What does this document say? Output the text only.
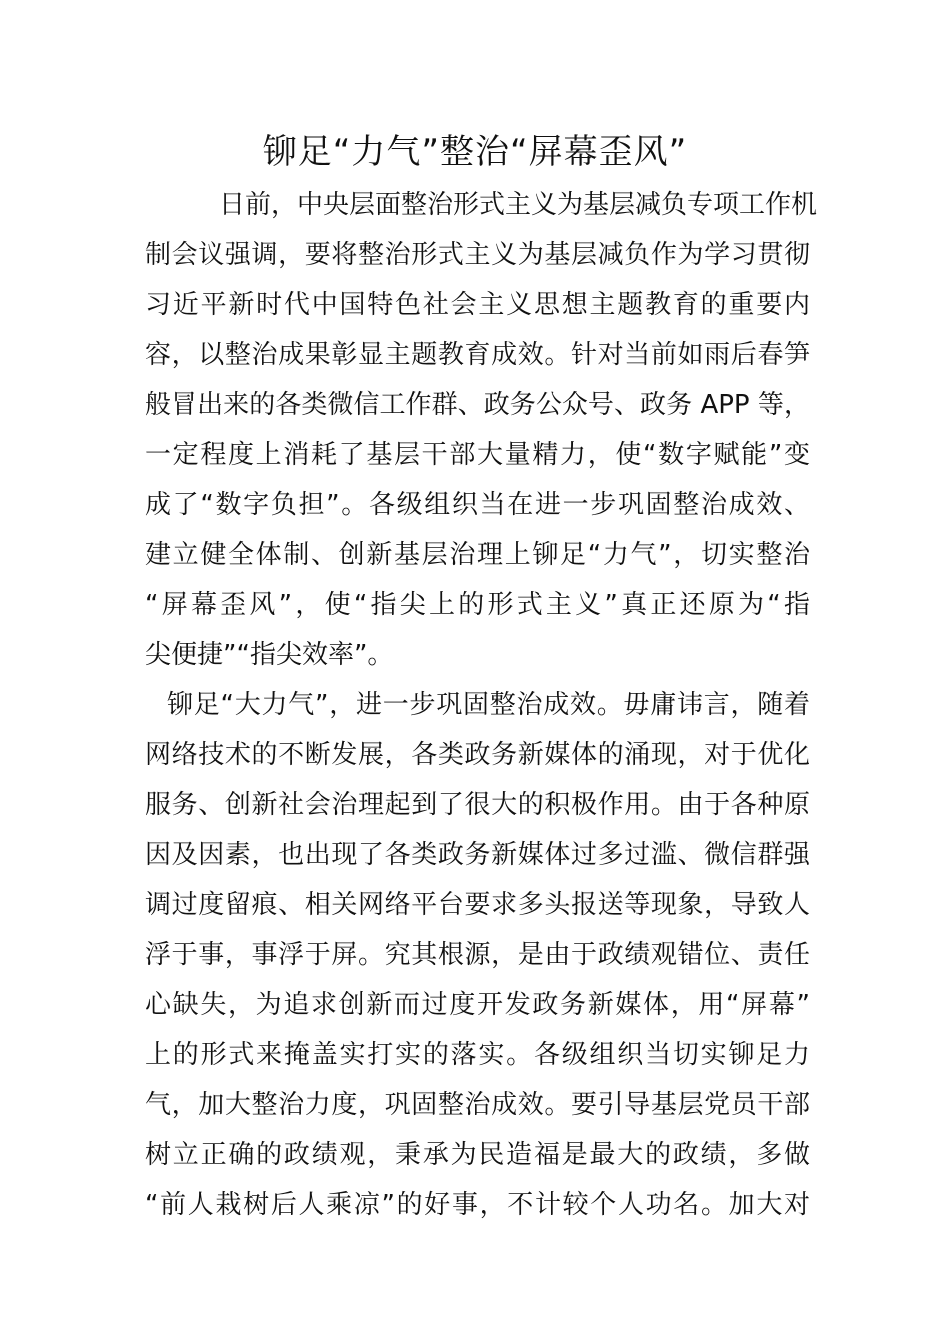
铆足“力气”整治“屏幕歪风”
日前，中央层面整治形式主义为基层减负专项工作机
制会议强调，要将整治形式主义为基层减负作为学习贯彻
习近平新时代中国特色社会主义思想主题教育的重要内
容，以整治成果彰显主题教育成效。针对当前如雨后春笋
般冒出来的各类微信工作群、政务公众号、政务 APP 等，
一定程度上消耗了基层干部大量精力，使“数字赋能”变
成了“数字负担”。各级组织当在进一步巩固整治成效、
建立健全体制、创新基层治理上铆足“力气”，切实整治
“屏幕歪风”，使“指尖上的形式主义”真正还原为“指
尖便捷”“指尖效率”。
铆足“大力气”，进一步巩固整治成效。毋庸讳言，随着
网络技术的不断发展，各类政务新媒体的涌现，对于优化
服务、创新社会治理起到了很大的积极作用。由于各种原
因及因素，也出现了各类政务新媒体过多过滥、微信群强
调过度留痕、相关网络平台要求多头报送等现象，导致人
浮于事，事浮于屏。究其根源，是由于政绩观错位、责任
心缺失，为追求创新而过度开发政务新媒体，用“屏幕”
上的形式来掩盖实打实的落实。各级组织当切实铆足力
气，加大整治力度，巩固整治成效。要引导基层党员干部
树立正确的政绩观，秉承为民造福是最大的政绩，多做
“前人栽树后人乘凉”的好事，不计较个人功名。加大对
